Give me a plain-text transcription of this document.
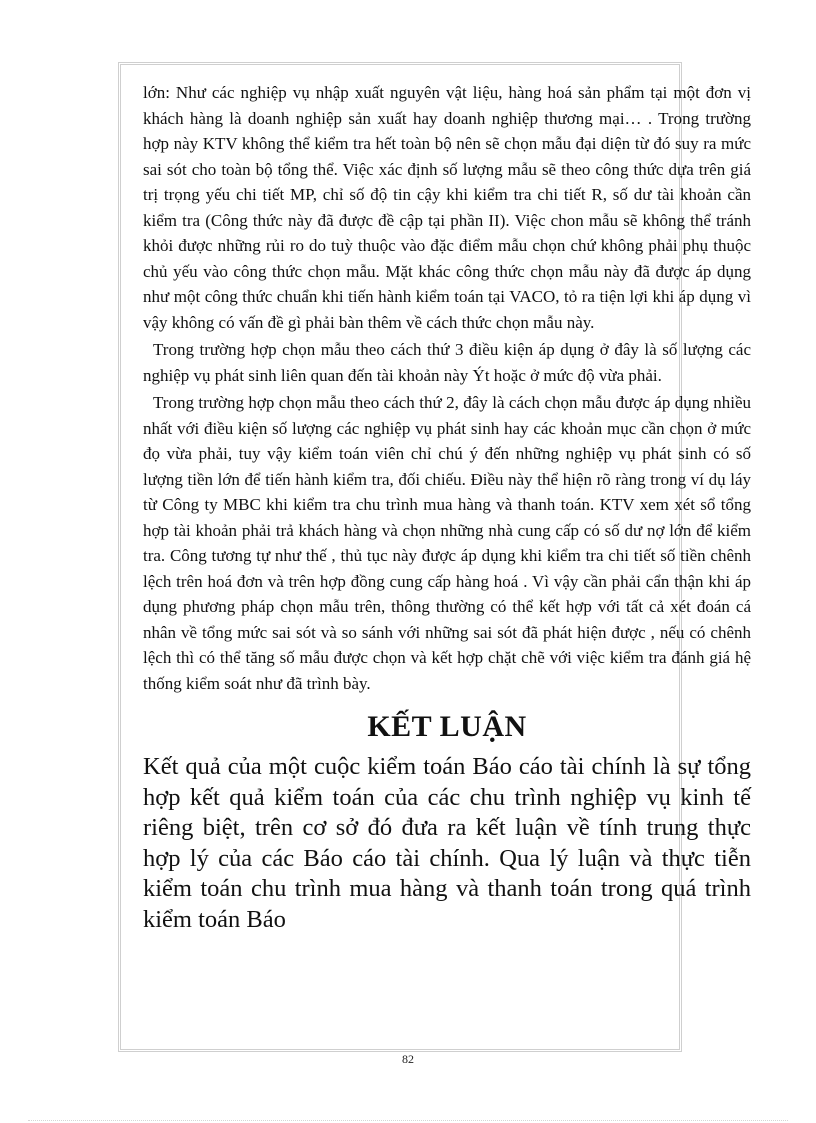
lớn: Như các nghiệp vụ nhập xuất nguyên vật liệu, hàng hoá sản phẩm tại một đơn vị khách hàng là doanh nghiệp sản xuất hay doanh nghiệp thương mại… . Trong trường hợp này KTV không thể kiểm tra hết toàn bộ nên sẽ chọn mẫu đại diện từ đó suy ra mức sai sót cho toàn bộ tổng thể. Việc xác định số lượng mẫu sẽ theo công thức dựa trên giá trị trọng yếu chi tiết MP, chỉ số độ tin cậy khi kiểm tra chi tiết R, số dư tài khoản cần kiểm tra (Công thức này đã được đề cập tại phần II). Việc chon mẫu sẽ không thể tránh khỏi được những rủi ro do tuỳ thuộc vào đặc điểm mẫu chọn chứ không phải phụ thuộc chủ yếu vào công thức chọn mẫu. Mặt khác công thức chọn mẫu này đã được áp dụng như một công thức chuẩn khi tiến hành kiểm toán tại VACO, tỏ ra tiện lợi khi áp dụng vì vậy không có vấn đề gì phải bàn thêm về cách thức chọn mẫu này.

Trong trường hợp chọn mẫu theo cách thứ 3 điều kiện áp dụng ở đây là số lượng các nghiệp vụ phát sinh liên quan đến tài khoản này Ýt hoặc ở mức độ vừa phải.

Trong trường hợp chọn mẫu theo cách thứ 2, đây là cách chọn mẫu được áp dụng nhiều nhất với điều kiện số lượng các nghiệp vụ phát sinh hay các khoản mục cần chọn ở mức đọ vừa phải, tuy vậy kiểm toán viên chỉ chú ý đến những nghiệp vụ phát sinh có số lượng tiền lớn để tiến hành kiểm tra, đối chiếu. Điều này thể hiện rõ ràng trong ví dụ láy từ Công ty MBC khi kiểm tra chu trình mua hàng và thanh toán. KTV xem xét sổ tổng hợp tài khoản phải trả khách hàng và chọn những nhà cung cấp có số dư nợ lớn để kiểm tra. Công tương tự như thế , thủ tục này được áp dụng khi kiểm tra chi tiết số tiền chênh lệch trên hoá đơn và trên hợp đồng cung cấp hàng hoá . Vì vậy cần phải cẩn thận khi áp dụng phương pháp chọn mẫu trên, thông thường có thể kết hợp với tất cả xét đoán cá nhân về tổng mức sai sót và so sánh với những sai sót đã phát hiện được , nếu có chênh lệch thì có thể tăng số mẫu được chọn và kết hợp chặt chẽ với việc kiểm tra đánh giá hệ thống kiểm soát như đã trình bày.

KẾT LUẬN

Kết quả của một cuộc kiểm toán Báo cáo tài chính là sự tổng hợp kết quả kiểm toán của các chu trình nghiệp vụ kinh tế riêng biệt, trên cơ sở đó đưa ra kết luận về tính trung thực hợp lý của các Báo cáo tài chính. Qua lý luận và thực tiễn kiểm toán chu trình mua hàng và thanh toán trong quá trình kiểm toán Báo

82
